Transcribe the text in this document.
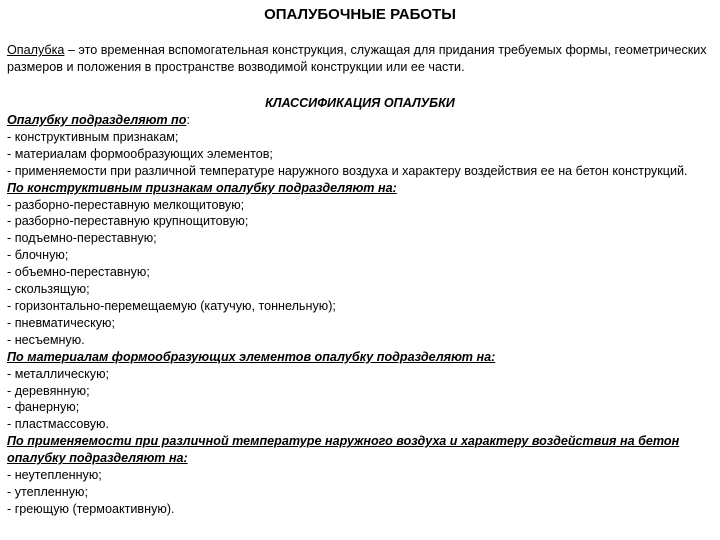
ОПАЛУБОЧНЫЕ РАБОТЫ
Опалубка – это временная вспомогательная конструкция, служащая для придания требуемых формы, геометрических размеров и положения в пространстве возводимой конструкции или ее части.
КЛАССИФИКАЦИЯ ОПАЛУБКИ
Опалубку подразделяют по:
- конструктивным признакам;
- материалам формообразующих элементов;
- применяемости при различной температуре наружного воздуха и характеру воздействия ее на бетон конструкций.
По конструктивным признакам опалубку подразделяют на:
- разборно-переставную мелкощитовую;
- разборно-переставную крупнощитовую;
- подъемно-переставную;
- блочную;
- объемно-переставную;
- скользящую;
- горизонтально-перемещаемую (катучую, тоннельную);
- пневматическую;
- несъемную.
По материалам формообразующих элементов опалубку подразделяют на:
- металлическую;
- деревянную;
- фанерную;
- пластмассовую.
По применяемости при различной температуре наружного воздуха и характеру воздействия на бетон опалубку подразделяют на:
- неутепленную;
- утепленную;
- греющую (термоактивную).
